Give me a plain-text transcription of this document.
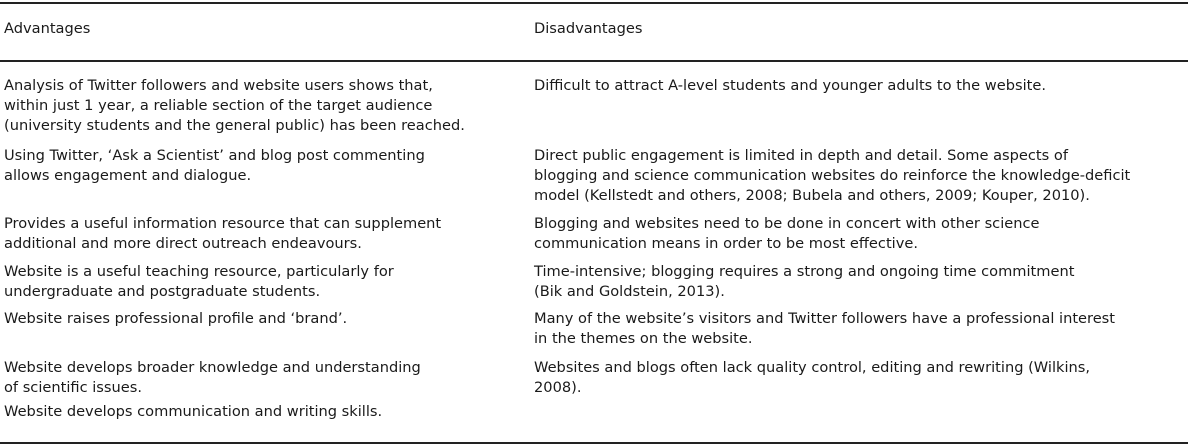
Advantages	Disadvantages
Analysis of Twitter followers and website users shows that,
within just 1 year, a reliable section of the target audience
(university students and the general public) has been reached.
Using Twitter, ‘Ask a Scientist’ and blog post commenting
allows engagement and dialogue.
Provides a useful information resource that can supplement
additional and more direct outreach endeavours.
Website is a useful teaching resource, particularly for
undergraduate and postgraduate students.
Website raises professional profile and ‘brand’.
Website develops broader knowledge and understanding
of scientific issues.
Website develops communication and writing skills.
Difficult to attract A-level students and younger adults to the website.
Direct public engagement is limited in depth and detail. Some aspects of
blogging and science communication websites do reinforce the knowledge-deficit
model (Kellstedt and others, 2008; Bubela and others, 2009; Kouper, 2010).
Blogging and websites need to be done in concert with other science
communication means in order to be most effective.
Time-intensive; blogging requires a strong and ongoing time commitment
(Bik and Goldstein, 2013).
Many of the website’s visitors and Twitter followers have a professional interest
in the themes on the website.
Websites and blogs often lack quality control, editing and rewriting (Wilkins,
2008).
